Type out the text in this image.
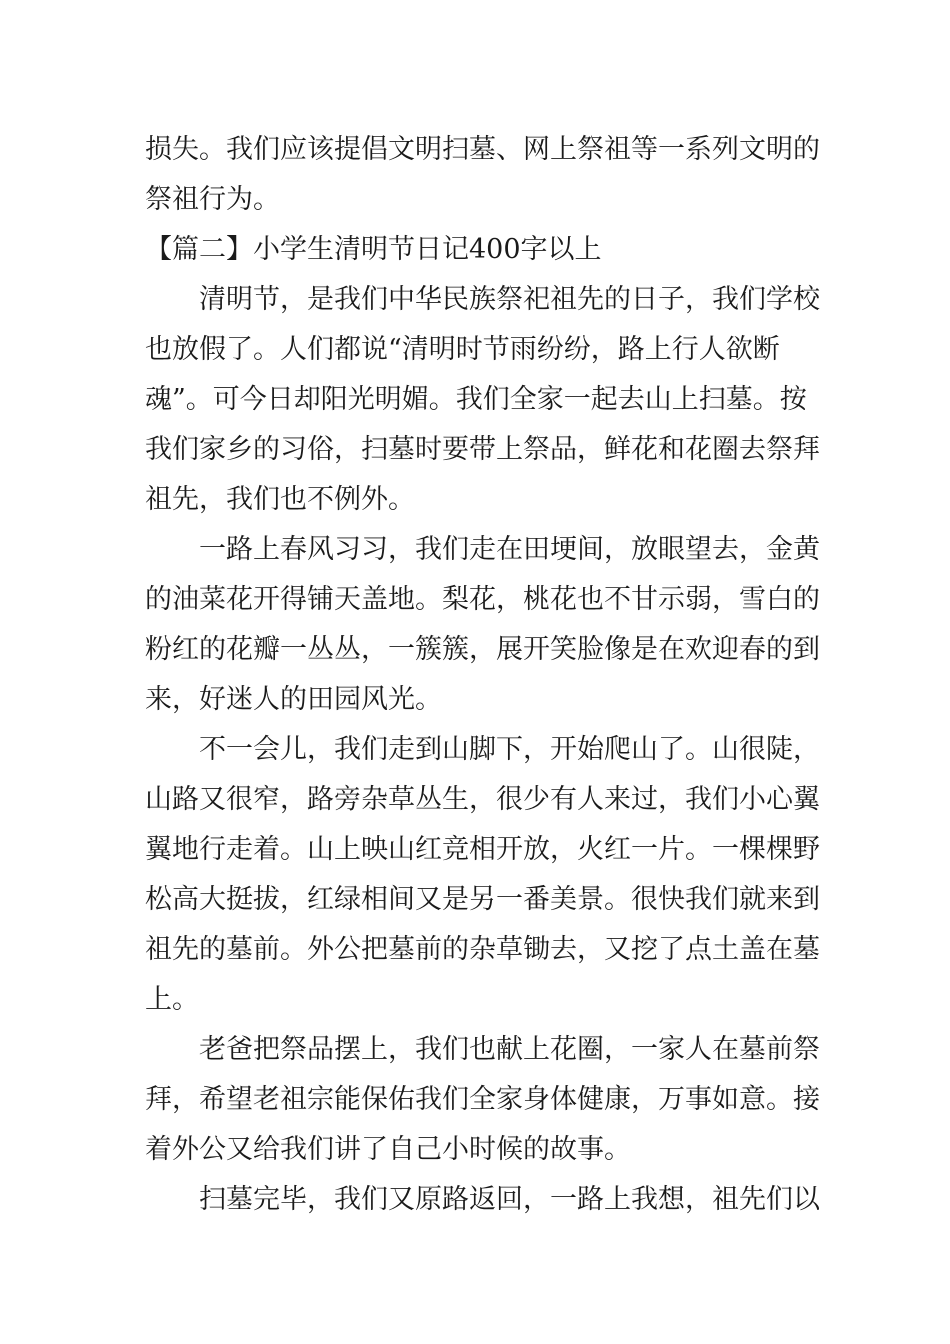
损失。我们应该提倡文明扫墓、网上祭祖等一系列文明的
祭祖行为。
【篇二】小学生清明节日记400字以上
清明节，是我们中华民族祭祀祖先的日子，我们学校
也放假了。人们都说“清明时节雨纷纷，路上行人欲断
魂”。可今日却阳光明媚。我们全家一起去山上扫墓。按
我们家乡的习俗，扫墓时要带上祭品，鲜花和花圈去祭拜
祖先，我们也不例外。
一路上春风习习，我们走在田埂间，放眼望去，金黄
的油菜花开得铺天盖地。梨花，桃花也不甘示弱，雪白的
粉红的花瓣一丛丛，一簇簇，展开笑脸像是在欢迎春的到
来，好迷人的田园风光。
不一会儿，我们走到山脚下，开始爬山了。山很陡，
山路又很窄，路旁杂草丛生，很少有人来过，我们小心翼
翼地行走着。山上映山红竞相开放，火红一片。一棵棵野
松高大挺拔，红绿相间又是另一番美景。很快我们就来到
祖先的墓前。外公把墓前的杂草锄去，又挖了点土盖在墓
上。
老爸把祭品摆上，我们也献上花圈，一家人在墓前祭
拜，希望老祖宗能保佑我们全家身体健康，万事如意。接
着外公又给我们讲了自己小时候的故事。
扫墓完毕，我们又原路返回，一路上我想，祖先们以
